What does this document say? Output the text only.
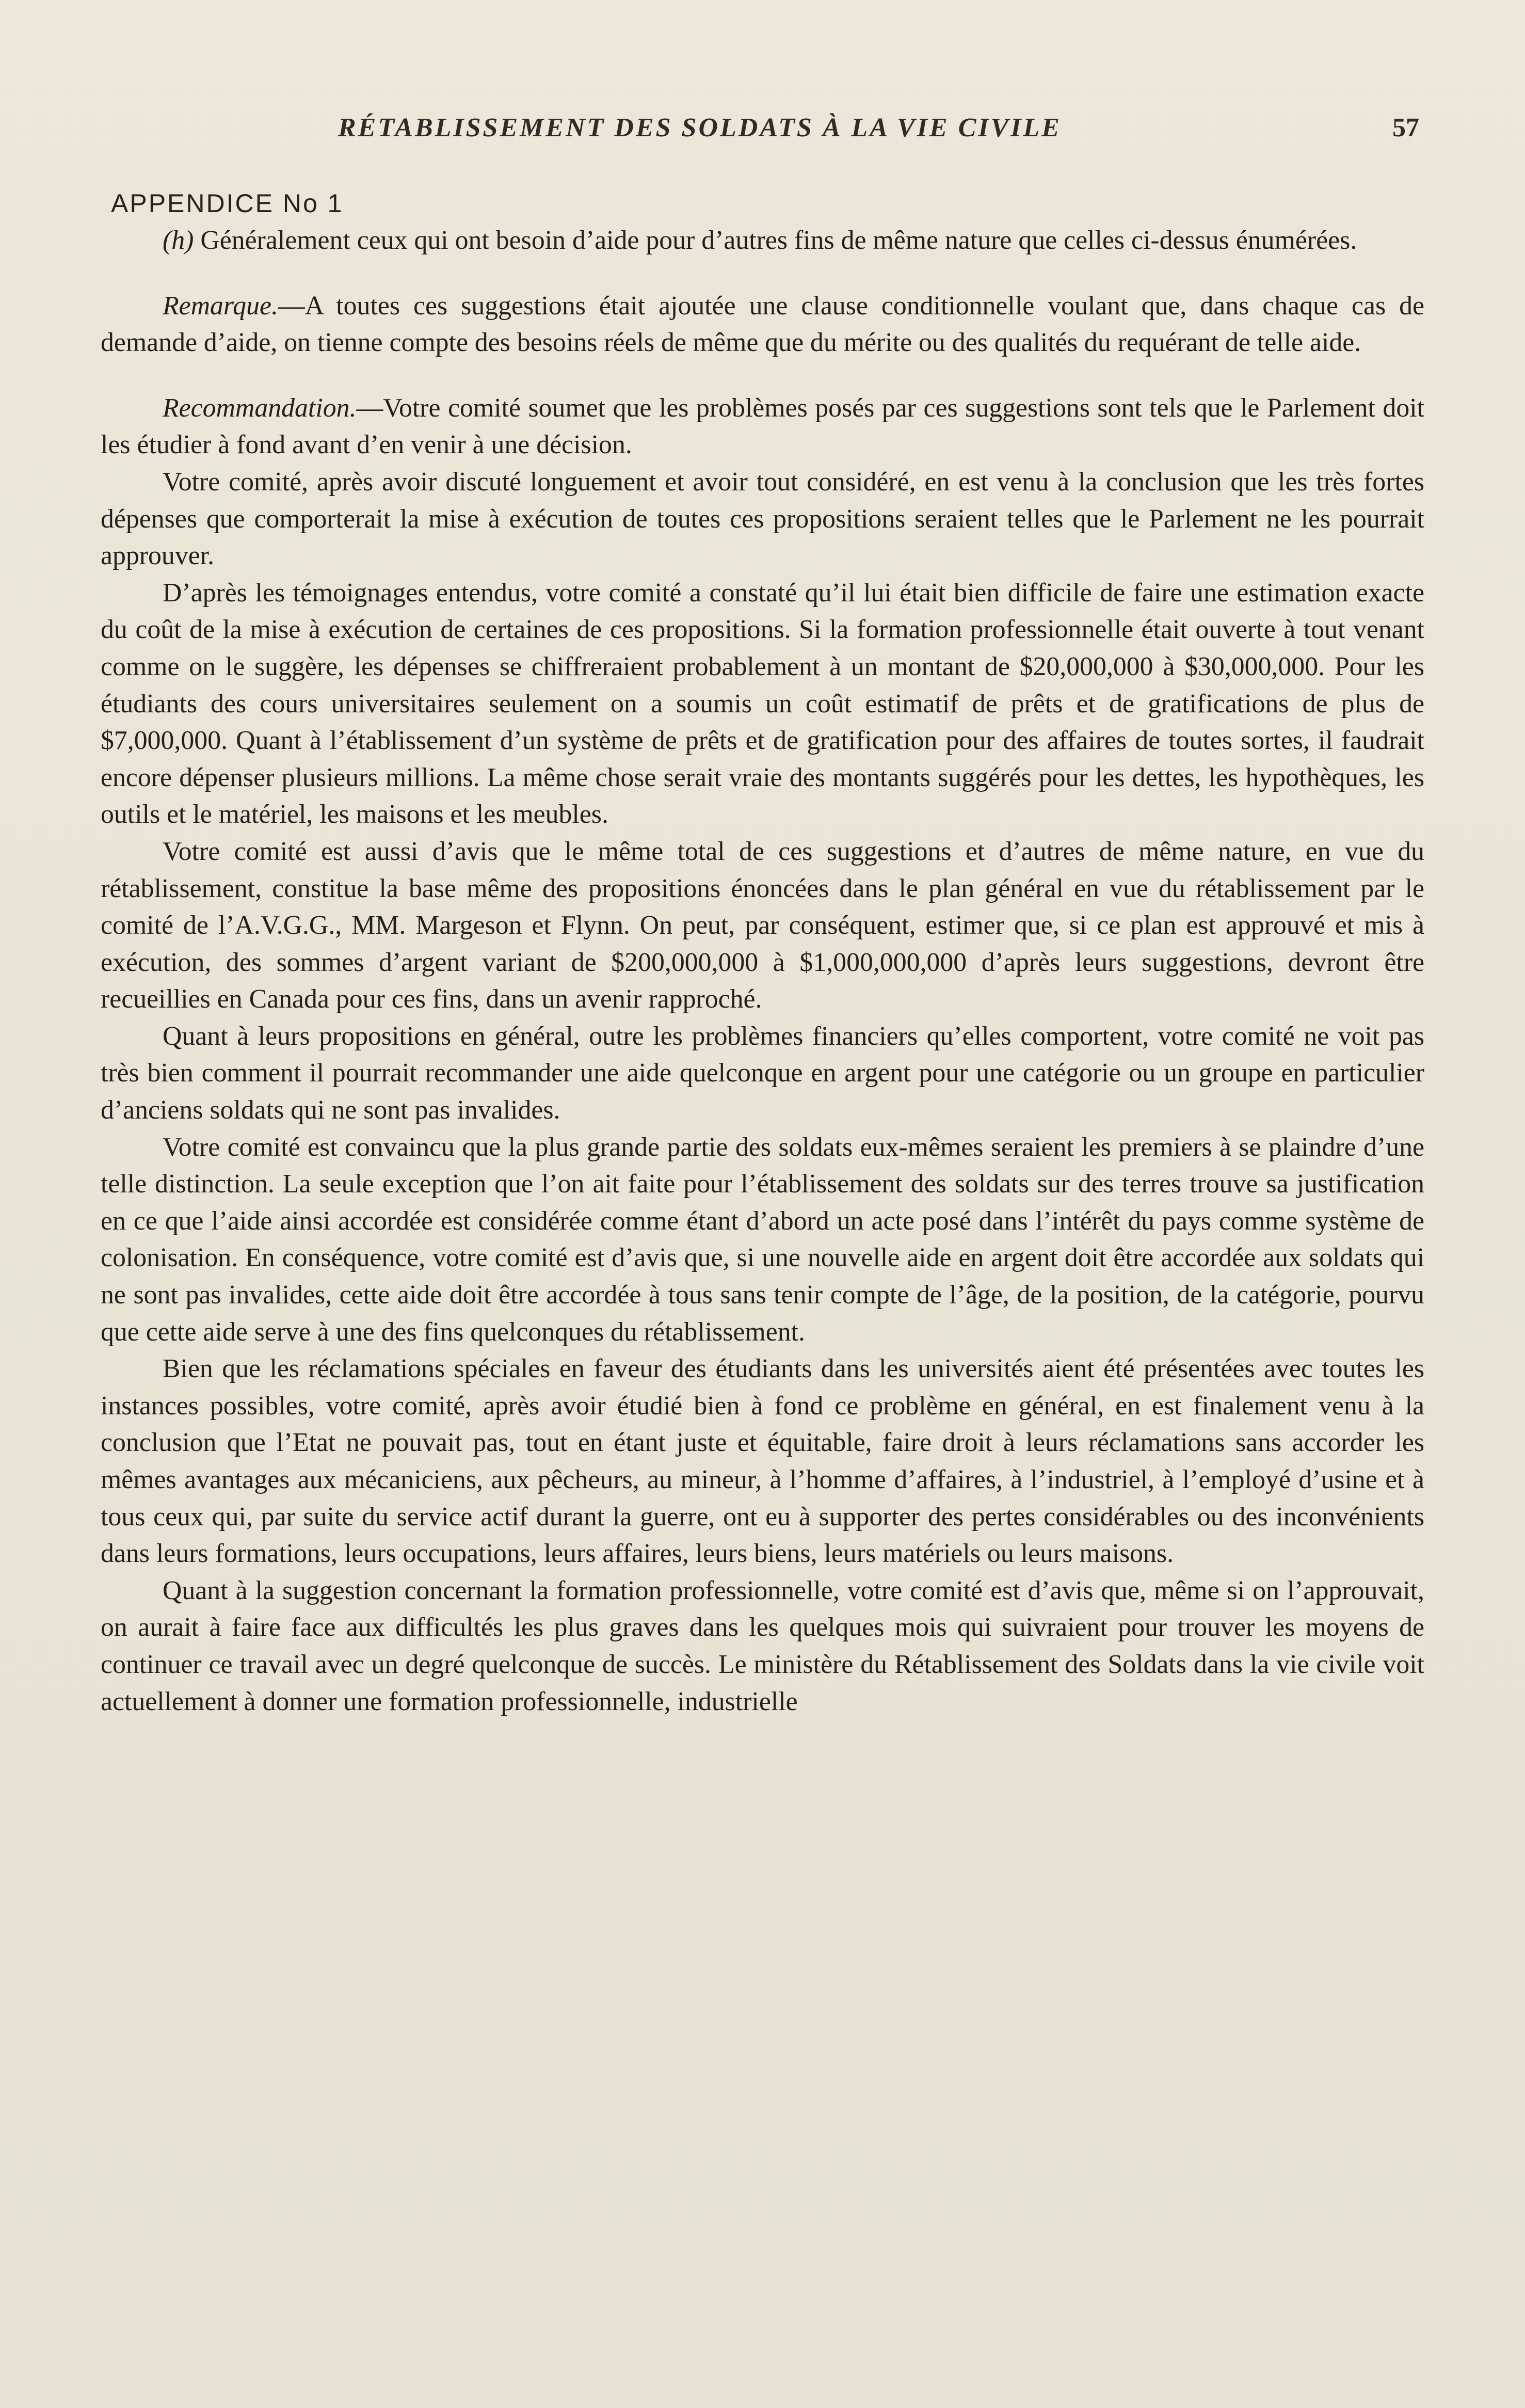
RÉTABLISSEMENT DES SOLDATS À LA VIE CIVILE	57
APPENDICE No 1

(h) Généralement ceux qui ont besoin d’aide pour d’autres fins de même nature que celles ci-dessus énumérées.

Remarque.—A toutes ces suggestions était ajoutée une clause conditionnelle voulant que, dans chaque cas de demande d’aide, on tienne compte des besoins réels de même que du mérite ou des qualités du requérant de telle aide.

Recommandation.—Votre comité soumet que les problèmes posés par ces suggestions sont tels que le Parlement doit les étudier à fond avant d’en venir à une décision.

Votre comité, après avoir discuté longuement et avoir tout considéré, en est venu à la conclusion que les très fortes dépenses que comporterait la mise à exécution de toutes ces propositions seraient telles que le Parlement ne les pourrait approuver.

D’après les témoignages entendus, votre comité a constaté qu’il lui était bien difficile de faire une estimation exacte du coût de la mise à exécution de certaines de ces propositions. Si la formation professionnelle était ouverte à tout venant comme on le suggère, les dépenses se chiffreraient probablement à un montant de $20,000,000 à $30,000,000. Pour les étudiants des cours universitaires seulement on a soumis un coût estimatif de prêts et de gratifications de plus de $7,000,000. Quant à l’établissement d’un système de prêts et de gratification pour des affaires de toutes sortes, il faudrait encore dépenser plusieurs millions. La même chose serait vraie des montants suggérés pour les dettes, les hypothèques, les outils et le matériel, les maisons et les meubles.

Votre comité est aussi d’avis que le même total de ces suggestions et d’autres de même nature, en vue du rétablissement, constitue la base même des propositions énoncées dans le plan général en vue du rétablissement par le comité de l’A.V.G.G., MM. Margeson et Flynn. On peut, par conséquent, estimer que, si ce plan est approuvé et mis à exécution, des sommes d’argent variant de $200,000,000 à $1,000,000,000 d’après leurs suggestions, devront être recueillies en Canada pour ces fins, dans un avenir rapproché.

Quant à leurs propositions en général, outre les problèmes financiers qu’elles comportent, votre comité ne voit pas très bien comment il pourrait recommander une aide quelconque en argent pour une catégorie ou un groupe en particulier d’anciens soldats qui ne sont pas invalides.

Votre comité est convaincu que la plus grande partie des soldats eux-mêmes seraient les premiers à se plaindre d’une telle distinction. La seule exception que l’on ait faite pour l’établissement des soldats sur des terres trouve sa justification en ce que l’aide ainsi accordée est considérée comme étant d’abord un acte posé dans l’intérêt du pays comme système de colonisation. En conséquence, votre comité est d’avis que, si une nouvelle aide en argent doit être accordée aux soldats qui ne sont pas invalides, cette aide doit être accordée à tous sans tenir compte de l’âge, de la position, de la catégorie, pourvu que cette aide serve à une des fins quelconques du rétablissement.

Bien que les réclamations spéciales en faveur des étudiants dans les universités aient été présentées avec toutes les instances possibles, votre comité, après avoir étudié bien à fond ce problème en général, en est finalement venu à la conclusion que l’Etat ne pouvait pas, tout en étant juste et équitable, faire droit à leurs réclamations sans accorder les mêmes avantages aux mécaniciens, aux pêcheurs, au mineur, à l’homme d’affaires, à l’industriel, à l’employé d’usine et à tous ceux qui, par suite du service actif durant la guerre, ont eu à supporter des pertes considérables ou des inconvénients dans leurs formations, leurs occupations, leurs affaires, leurs biens, leurs matériels ou leurs maisons.

Quant à la suggestion concernant la formation professionnelle, votre comité est d’avis que, même si on l’approuvait, on aurait à faire face aux difficultés les plus graves dans les quelques mois qui suivraient pour trouver les moyens de continuer ce travail avec un degré quelconque de succès. Le ministère du Rétablissement des Soldats dans la vie civile voit actuellement à donner une formation professionnelle, industrielle
